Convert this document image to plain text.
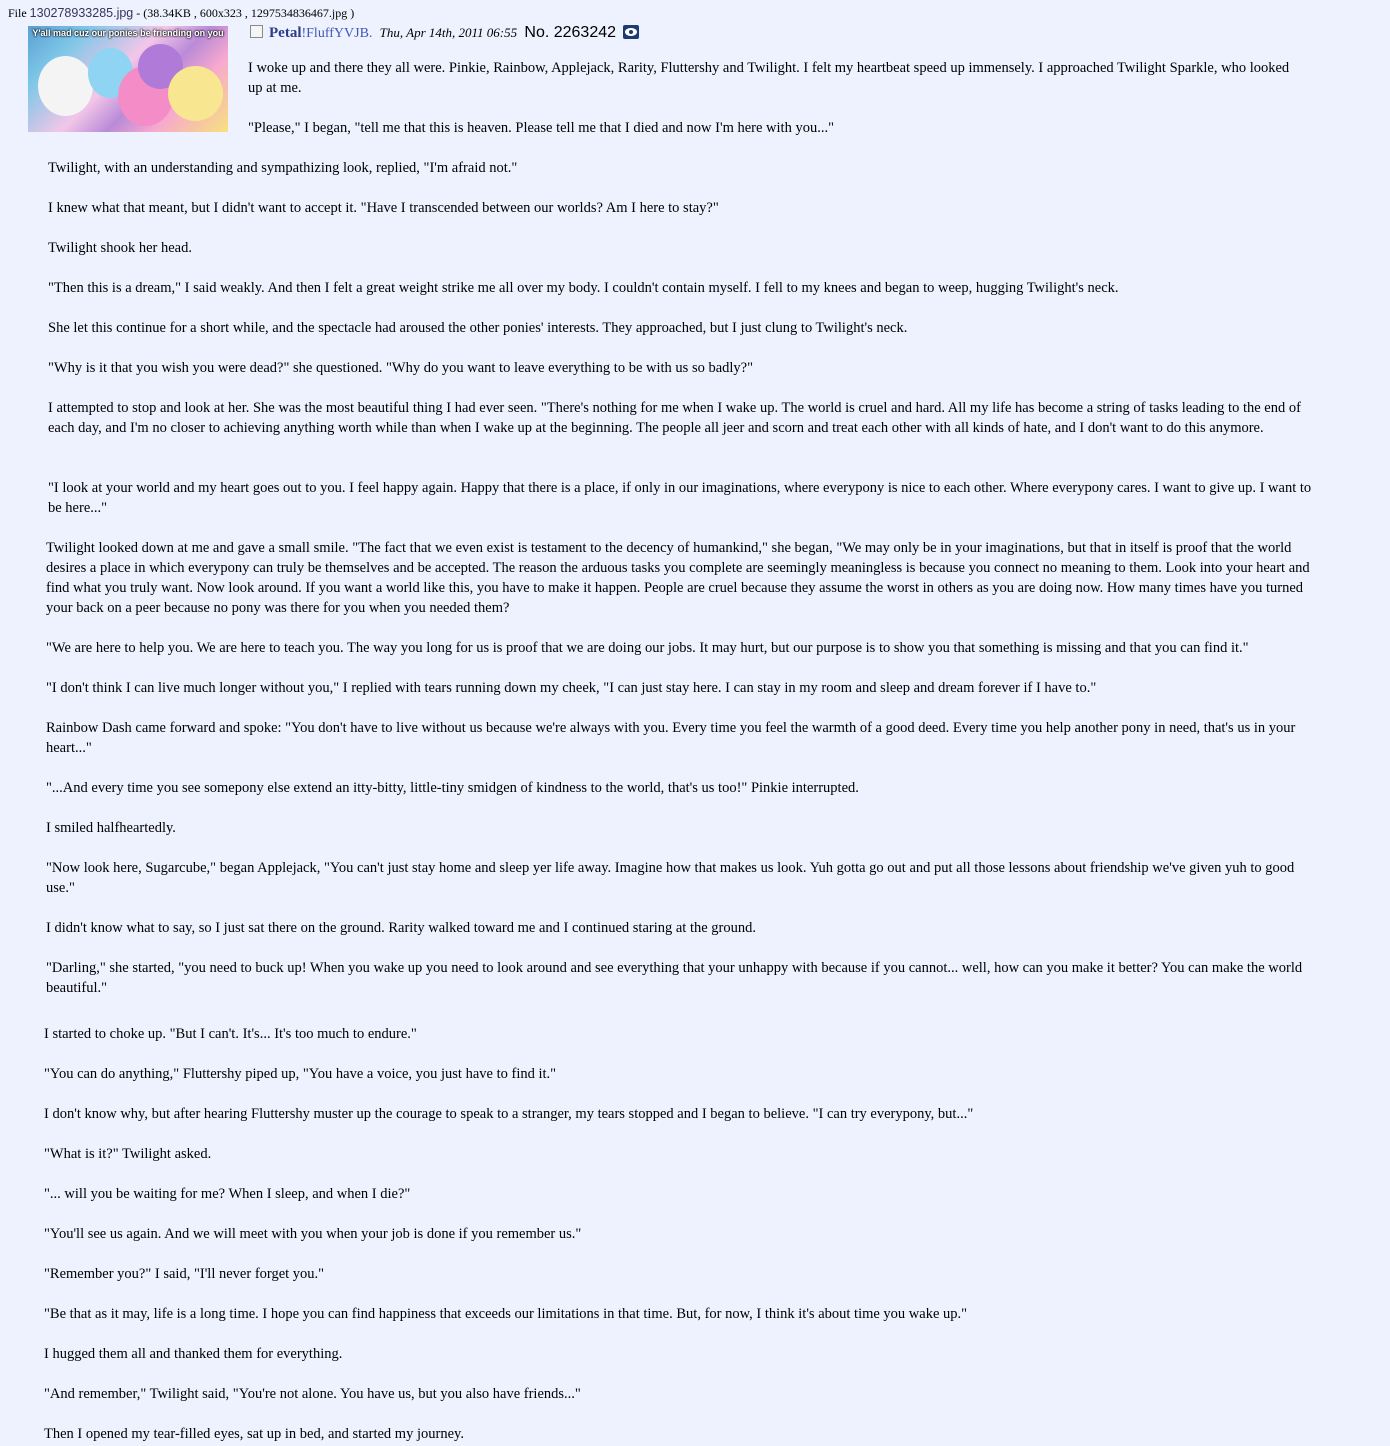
File 130278933285.jpg - (38.34KB , 600x323 , 1297534836467.jpg )
Y'all mad cuz our ponies be friending on you	Petal!FluffYVJB. Thu, Apr 14th, 2011 06:55 No. 2263242

I woke up and there they all were. Pinkie, Rainbow, Applejack, Rarity, Fluttershy and Twilight. I felt my heartbeat speed up immensely. I approached Twilight Sparkle, who looked up at me.

"Please," I began, "tell me that this is heaven. Please tell me that I died and now I'm here with you..."

Twilight, with an understanding and sympathizing look, replied, "I'm afraid not."

I knew what that meant, but I didn't want to accept it. "Have I transcended between our worlds? Am I here to stay?"

Twilight shook her head.

"Then this is a dream," I said weakly. And then I felt a great weight strike me all over my body. I couldn't contain myself. I fell to my knees and began to weep, hugging Twilight's neck.

She let this continue for a short while, and the spectacle had aroused the other ponies' interests. They approached, but I just clung to Twilight's neck.

"Why is it that you wish you were dead?" she questioned. "Why do you want to leave everything to be with us so badly?"

I attempted to stop and look at her. She was the most beautiful thing I had ever seen. "There's nothing for me when I wake up. The world is cruel and hard. All my life has become a string of tasks leading to the end of each day, and I'm no closer to achieving anything worth while than when I wake up at the beginning. The people all jeer and scorn and treat each other with all kinds of hate, and I don't want to do this anymore.

"I look at your world and my heart goes out to you. I feel happy again. Happy that there is a place, if only in our imaginations, where everypony is nice to each other. Where everypony cares. I want to give up. I want to be here..."

Twilight looked down at me and gave a small smile. "The fact that we even exist is testament to the decency of humankind," she began, "We may only be in your imaginations, but that in itself is proof that the world desires a place in which everypony can truly be themselves and be accepted. The reason the arduous tasks you complete are seemingly meaningless is because you connect no meaning to them. Look into your heart and find what you truly want. Now look around. If you want a world like this, you have to make it happen. People are cruel because they assume the worst in others as you are doing now. How many times have you turned your back on a peer because no pony was there for you when you needed them?

"We are here to help you. We are here to teach you. The way you long for us is proof that we are doing our jobs. It may hurt, but our purpose is to show you that something is missing and that you can find it."

"I don't think I can live much longer without you," I replied with tears running down my cheek, "I can just stay here. I can stay in my room and sleep and dream forever if I have to."

Rainbow Dash came forward and spoke: "You don't have to live without us because we're always with you. Every time you feel the warmth of a good deed. Every time you help another pony in need, that's us in your heart..."

"...And every time you see somepony else extend an itty-bitty, little-tiny smidgen of kindness to the world, that's us too!" Pinkie interrupted.

I smiled halfheartedly.

"Now look here, Sugarcube," began Applejack, "You can't just stay home and sleep yer life away. Imagine how that makes us look. Yuh gotta go out and put all those lessons about friendship we've given yuh to good use."

I didn't know what to say, so I just sat there on the ground. Rarity walked toward me and I continued staring at the ground.

"Darling," she started, "you need to buck up! When you wake up you need to look around and see everything that your unhappy with because if you cannot... well, how can you make it better? You can make the world beautiful."

I started to choke up. "But I can't. It's... It's too much to endure."

"You can do anything," Fluttershy piped up, "You have a voice, you just have to find it."

I don't know why, but after hearing Fluttershy muster up the courage to speak to a stranger, my tears stopped and I began to believe. "I can try everypony, but..."

"What is it?" Twilight asked.

"... will you be waiting for me? When I sleep, and when I die?"

"You'll see us again. And we will meet with you when your job is done if you remember us."

"Remember you?" I said, "I'll never forget you."

"Be that as it may, life is a long time. I hope you can find happiness that exceeds our limitations in that time. But, for now, I think it's about time you wake up."

I hugged them all and thanked them for everything.

"And remember," Twilight said, "You're not alone. You have us, but you also have friends..."

Then I opened my tear-filled eyes, sat up in bed, and started my journey.
